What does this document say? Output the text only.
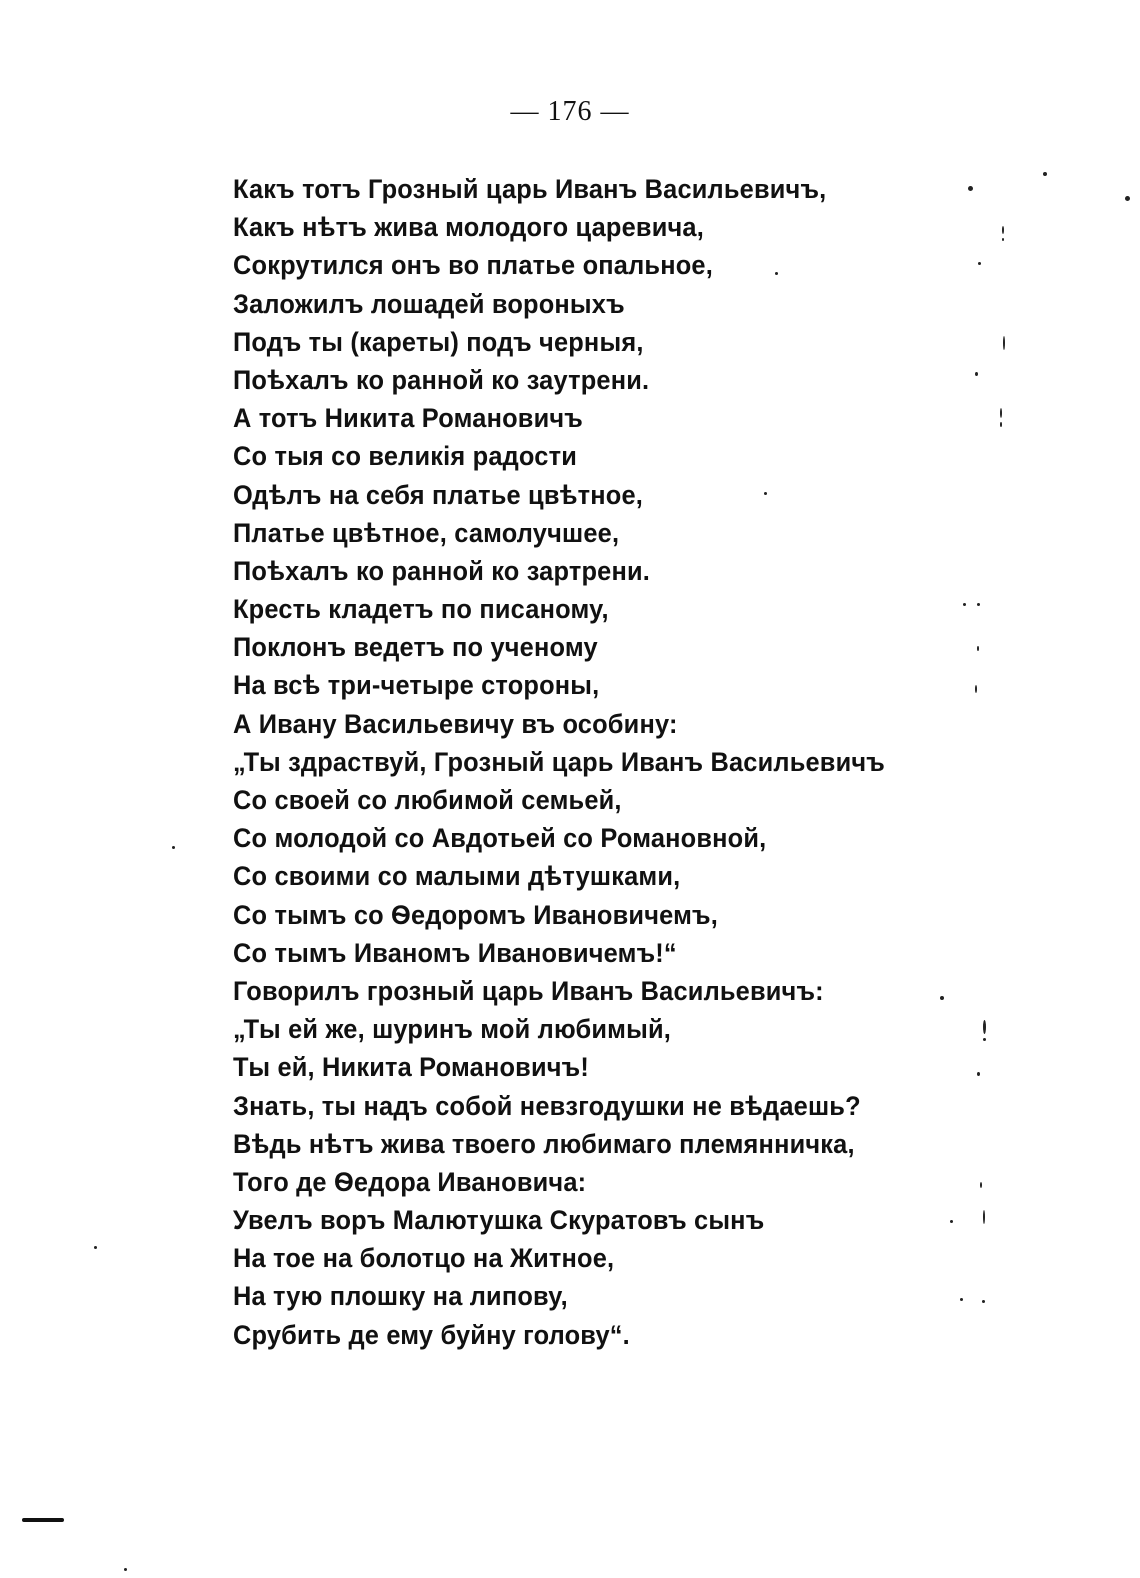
— 176 —
Какъ тотъ Грозный царь Иванъ Васильевичъ,
Какъ нѣтъ жива молодого царевича,
Сокрутился онъ во платье опальное,
Заложилъ лошадей вороныхъ
Подъ ты (кареты) подъ черныя,
Поѣхалъ ко ранной ко заутрени.
А тотъ Никита Романовичъ
Со тыя со великія радости
Одѣлъ на себя платье цвѣтное,
Платье цвѣтное, самолучшее,
Поѣхалъ ко ранной ко зартрени.
Кресть кладетъ по писаному,
Поклонъ ведетъ по ученому
На всѣ три-четыре стороны,
А Ивану Васильевичу въ особину:
„Ты здраствуй, Грозный царь Иванъ Васильевичъ
Со своей со любимой семьей,
Со молодой со Авдотьей со Романовной,
Со своими со малыми дѣтушками,
Со тымъ со Ѳедоромъ Ивановичемъ,
Со тымъ Иваномъ Ивановичемъ!“
Говорилъ грозный царь Иванъ Васильевичъ:
„Ты ей же, шуринъ мой любимый,
Ты ей, Никита Романовичъ!
Знать, ты надъ собой невзгодушки не вѣдаешь?
Вѣдь нѣтъ жива твоего любимаго племянничка,
Того де Ѳедора Ивановича:
Увелъ воръ Малютушка Скуратовъ сынъ
На тое на болотцо на Житное,
На тую плошку на липову,
Срубить де ему буйну голову“.
